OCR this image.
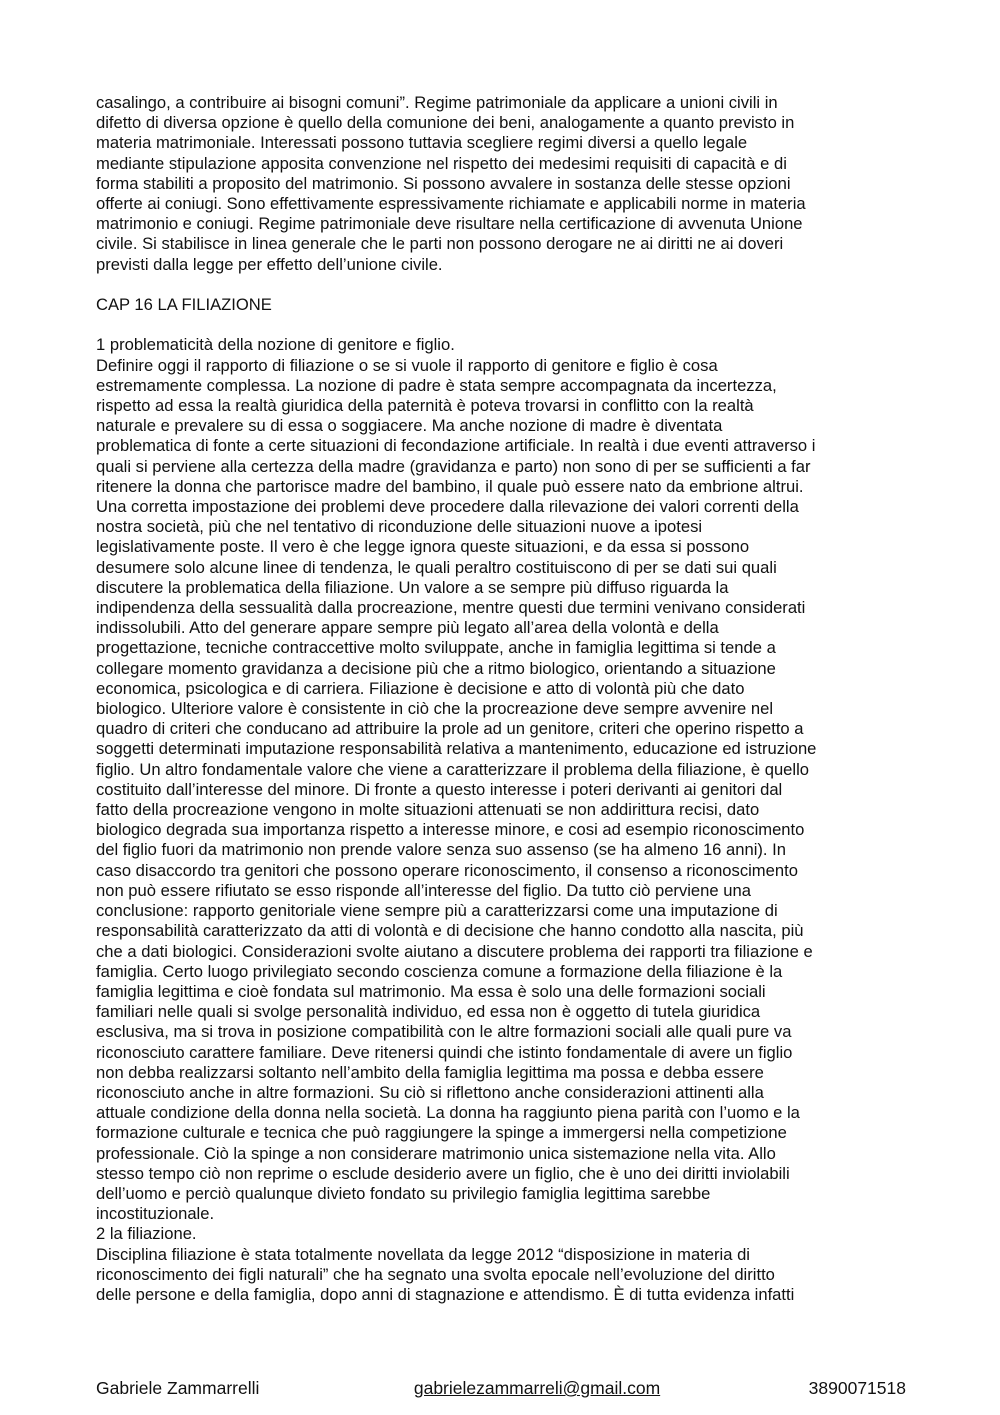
casalingo, a contribuire ai bisogni comuni”. Regime patrimoniale da applicare a unioni civili in
difetto di diversa opzione è quello della comunione dei beni, analogamente a quanto previsto in
materia matrimoniale. Interessati possono tuttavia scegliere regimi diversi a quello legale
mediante stipulazione apposita convenzione nel rispetto dei medesimi requisiti di capacità e di
forma stabiliti a proposito del matrimonio. Si possono avvalere in sostanza delle stesse opzioni
offerte ai coniugi. Sono effettivamente espressivamente richiamate e applicabili norme in materia
matrimonio e coniugi. Regime patrimoniale deve risultare nella certificazione di avvenuta Unione
civile. Si stabilisce in linea generale che le parti non possono derogare ne ai diritti ne ai doveri
previsti dalla legge per effetto dell’unione civile.
CAP 16 LA FILIAZIONE
1 problematicità della nozione di genitore e figlio.
Definire oggi il rapporto di filiazione o se si vuole il rapporto di genitore e figlio è cosa
estremamente complessa. La nozione di padre è stata sempre accompagnata da incertezza,
rispetto ad essa la realtà giuridica della paternità è poteva trovarsi in conflitto con la realtà
naturale e prevalere su di essa o soggiacere. Ma anche nozione di madre è diventata
problematica di fonte a certe situazioni di fecondazione artificiale. In realtà i due eventi attraverso i
quali si perviene alla certezza della madre (gravidanza e parto) non sono di per se sufficienti a far
ritenere la donna che partorisce madre del bambino, il quale può essere nato da embrione altrui.
Una corretta impostazione dei problemi deve procedere dalla rilevazione dei valori correnti della
nostra società, più che nel tentativo di riconduzione delle situazioni nuove a ipotesi
legislativamente poste. Il vero è che legge ignora queste situazioni, e da essa si possono
desumere solo alcune linee di tendenza, le quali peraltro costituiscono di per se dati sui quali
discutere la problematica della filiazione. Un valore a se sempre più diffuso riguarda la
indipendenza della sessualità dalla procreazione, mentre questi due termini venivano considerati
indissolubili. Atto del generare appare sempre più legato all’area della volontà e della
progettazione, tecniche contraccettive molto sviluppate, anche in famiglia legittima si tende a
collegare momento gravidanza a decisione più che a ritmo biologico, orientando a situazione
economica, psicologica e di carriera. Filiazione è decisione e atto di volontà più che dato
biologico. Ulteriore valore è consistente in ciò che la procreazione deve sempre avvenire nel
quadro di criteri che conducano ad attribuire la prole ad un genitore, criteri che operino rispetto a
soggetti determinati imputazione responsabilità relativa a mantenimento, educazione ed istruzione
figlio. Un altro fondamentale valore che viene a caratterizzare il problema della filiazione, è quello
costituito dall’interesse del minore. Di fronte a questo interesse i poteri derivanti ai genitori dal
fatto della procreazione vengono in molte situazioni attenuati se non addirittura recisi, dato
biologico degrada sua importanza rispetto a interesse minore, e cosi ad esempio riconoscimento
del figlio fuori da matrimonio non prende valore senza suo assenso (se ha almeno 16 anni). In
caso disaccordo tra genitori che possono operare riconoscimento, il consenso a riconoscimento
non può essere rifiutato se esso risponde all’interesse del figlio. Da tutto ciò perviene una
conclusione: rapporto genitoriale viene sempre più a caratterizzarsi come una imputazione di
responsabilità caratterizzato da atti di volontà e di decisione che hanno condotto alla nascita, più
che a dati biologici. Considerazioni svolte aiutano a discutere problema dei rapporti tra filiazione e
famiglia. Certo luogo privilegiato secondo coscienza comune a formazione della filiazione è la
famiglia legittima e cioè fondata sul matrimonio. Ma essa è solo una delle formazioni sociali
familiari nelle quali si svolge personalità individuo, ed essa non è oggetto di tutela giuridica
esclusiva, ma si trova in posizione compatibilità con le altre formazioni sociali alle quali pure va
riconosciuto carattere familiare. Deve ritenersi quindi che istinto fondamentale di avere un figlio
non debba realizzarsi soltanto nell’ambito della famiglia legittima ma possa e debba essere
riconosciuto anche in altre formazioni. Su ciò si riflettono anche considerazioni attinenti alla
attuale condizione della donna nella società. La donna ha raggiunto piena parità con l’uomo e la
formazione culturale e tecnica che può raggiungere la spinge a immergersi nella competizione
professionale. Ciò la spinge a non considerare matrimonio unica sistemazione nella vita. Allo
stesso tempo ciò non reprime o esclude desiderio avere un figlio, che è uno dei diritti inviolabili
dell’uomo e perciò qualunque divieto fondato su privilegio famiglia legittima sarebbe
incostituzionale.
2 la filiazione.
Disciplina filiazione è stata totalmente novellata da legge 2012 “disposizione in materia di
riconoscimento dei figli naturali” che ha segnato una svolta epocale nell’evoluzione del diritto
delle persone e della famiglia, dopo anni di stagnazione e attendismo. È di tutta evidenza infatti
Gabriele Zammarrelli	gabrielezammarreli@gmail.com	3890071518
